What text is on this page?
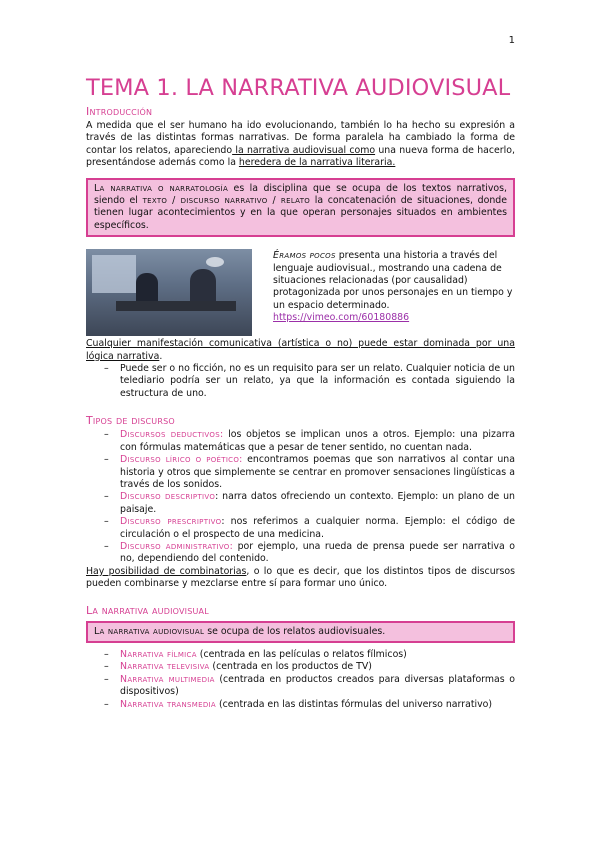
1
TEMA 1. LA NARRATIVA AUDIOVISUAL
Introducción

A medida que el ser humano ha ido evolucionando, también lo ha hecho su expresión a través de las distintas formas narrativas. De forma paralela ha cambiado la forma de contar los relatos, apareciendo la narrativa audiovisual como una nueva forma de hacerlo, presentándose además como la heredera de la narrativa literaria.

La narrativa o narratología es la disciplina que se ocupa de los textos narrativos, siendo el texto / discurso narrativo / relato la concatenación de situaciones, donde tienen lugar acontecimientos y en la que operan personajes situados en ambientes específicos.
Éramos pocos presenta una historia a través del lenguaje audiovisual., mostrando una cadena de situaciones relacionadas (por causalidad) protagonizada por unos personajes en un tiempo y un espacio determinado.
https://vimeo.com/60180886

Cualquier manifestación comunicativa (artística o no) puede estar dominada por una lógica narrativa.

– Puede ser o no ficción, no es un requisito para ser un relato. Cualquier noticia de un telediario podría ser un relato, ya que la información es contada siguiendo la estructura de uno.
Tipos de discurso
– Discursos deductivos: los objetos se implican unos a otros. Ejemplo: una pizarra con fórmulas matemáticas que a pesar de tener sentido, no cuentan nada.
– Discurso lírico o poético: encontramos poemas que son narrativos al contar una historia y otros que simplemente se centrar en promover sensaciones lingüísticas a través de los sonidos.
– Discurso descriptivo: narra datos ofreciendo un contexto. Ejemplo: un plano de un paisaje.
– Discurso prescriptivo: nos referimos a cualquier norma. Ejemplo: el código de circulación o el prospecto de una medicina.
– Discurso administrativo: por ejemplo, una rueda de prensa puede ser narrativa o no, dependiendo del contenido.

Hay posibilidad de combinatorias, o lo que es decir, que los distintos tipos de discursos pueden combinarse y mezclarse entre sí para formar uno único.

La narrativa audiovisual
La narrativa audiovisual se ocupa de los relatos audiovisuales.
– Narrativa fílmica (centrada en las películas o relatos fílmicos)
– Narrativa televisiva (centrada en los productos de TV)
– Narrativa multimedia (centrada en productos creados para diversas plataformas o dispositivos)
– Narrativa transmedia (centrada en las distintas fórmulas del universo narrativo)
